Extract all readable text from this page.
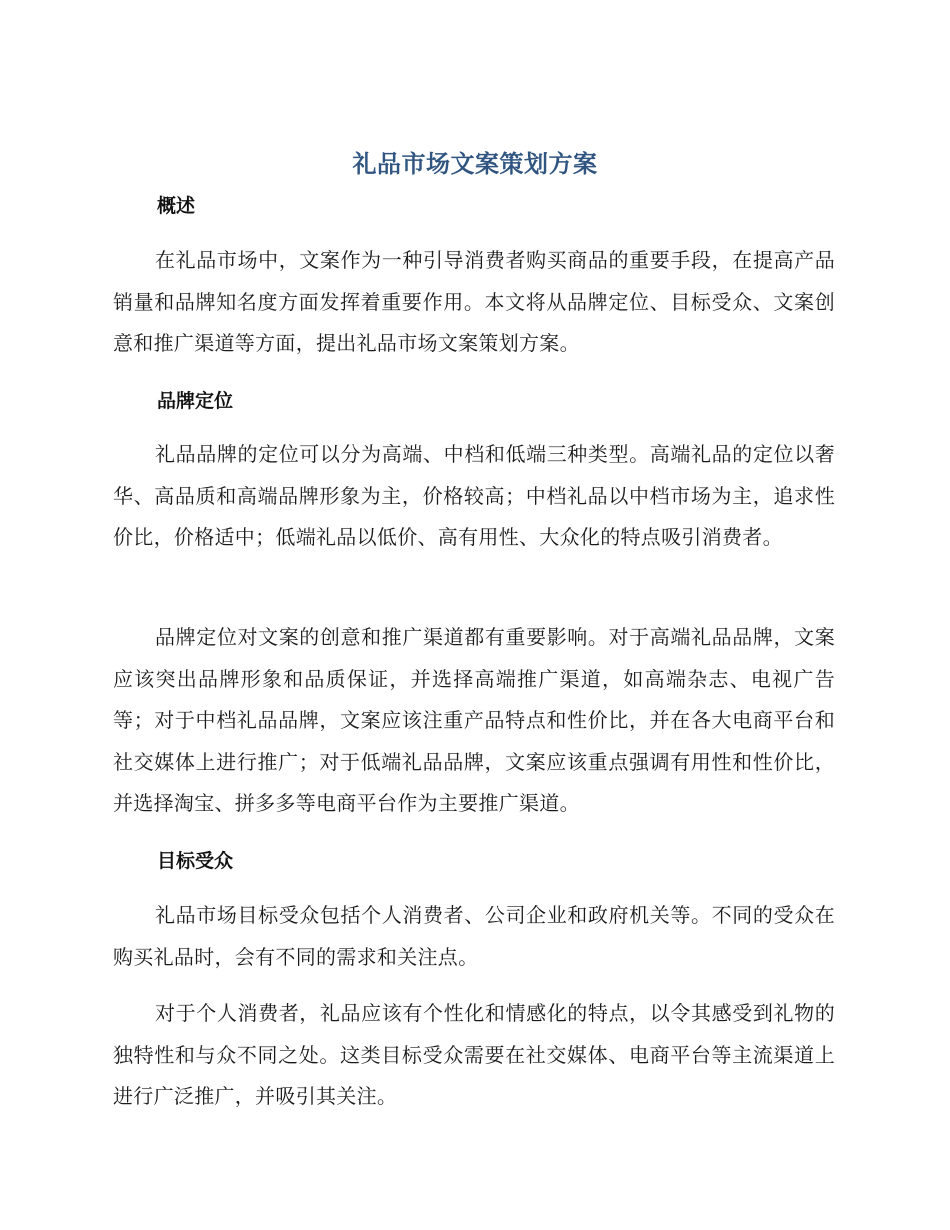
礼品市场文案策划方案
概述
在礼品市场中，文案作为一种引导消费者购买商品的重要手段，在提高产品销量和品牌知名度方面发挥着重要作用。本文将从品牌定位、目标受众、文案创意和推广渠道等方面，提出礼品市场文案策划方案。
品牌定位
礼品品牌的定位可以分为高端、中档和低端三种类型。高端礼品的定位以奢华、高品质和高端品牌形象为主，价格较高；中档礼品以中档市场为主，追求性价比，价格适中；低端礼品以低价、高有用性、大众化的特点吸引消费者。
品牌定位对文案的创意和推广渠道都有重要影响。对于高端礼品品牌，文案应该突出品牌形象和品质保证，并选择高端推广渠道，如高端杂志、电视广告等；对于中档礼品品牌，文案应该注重产品特点和性价比，并在各大电商平台和社交媒体上进行推广；对于低端礼品品牌，文案应该重点强调有用性和性价比，并选择淘宝、拼多多等电商平台作为主要推广渠道。
目标受众
礼品市场目标受众包括个人消费者、公司企业和政府机关等。不同的受众在购买礼品时，会有不同的需求和关注点。
对于个人消费者，礼品应该有个性化和情感化的特点，以令其感受到礼物的独特性和与众不同之处。这类目标受众需要在社交媒体、电商平台等主流渠道上进行广泛推广，并吸引其关注。
